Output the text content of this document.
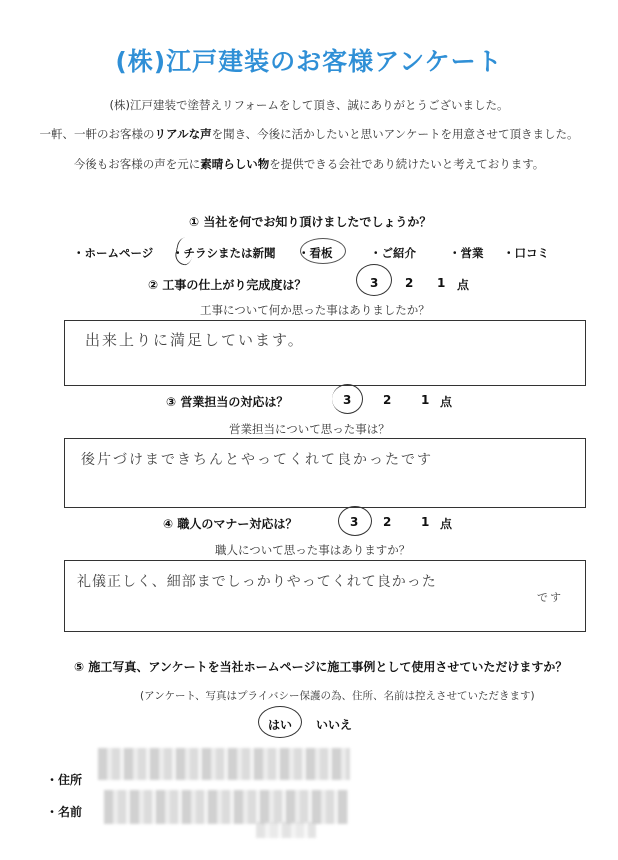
(株)江戸建装のお客様アンケート
(株)江戸建装で塗替えリフォームをして頂き、誠にありがとうございました。
一軒、一軒のお客様のリアルな声を聞き、今後に活かしたいと思いアンケートを用意させて頂きました。
今後もお客様の声を元に素晴らしい物を提供できる会社であり続けたいと考えております。
① 当社を何でお知り頂けましたでしょうか？
・ホームページ ・チラシまたは新聞 ・看板	・ご紹介	・営業 ・口コミ
② 工事の仕上がり完成度は？	3 2 1 点
工事について何か思った事はありましたか？
出来上りに満足しています。
③ 営業担当の対応は？	3	2 1 点
営業担当について思った事は？
後片づけまできちんとやってくれて良かったです
④ 職人のマナー対応は？	3 2 1 点
職人について思った事はありますか？
礼儀正しく、細部までしっかりやってくれて良かった
です
⑤ 施工写真、アンケートを当社ホームページに施工事例として使用させていただけますか？
(アンケート、写真はプライバシー保護の為、住所、名前は控えさせていただきます)
はい いいえ
・住所
・名前
